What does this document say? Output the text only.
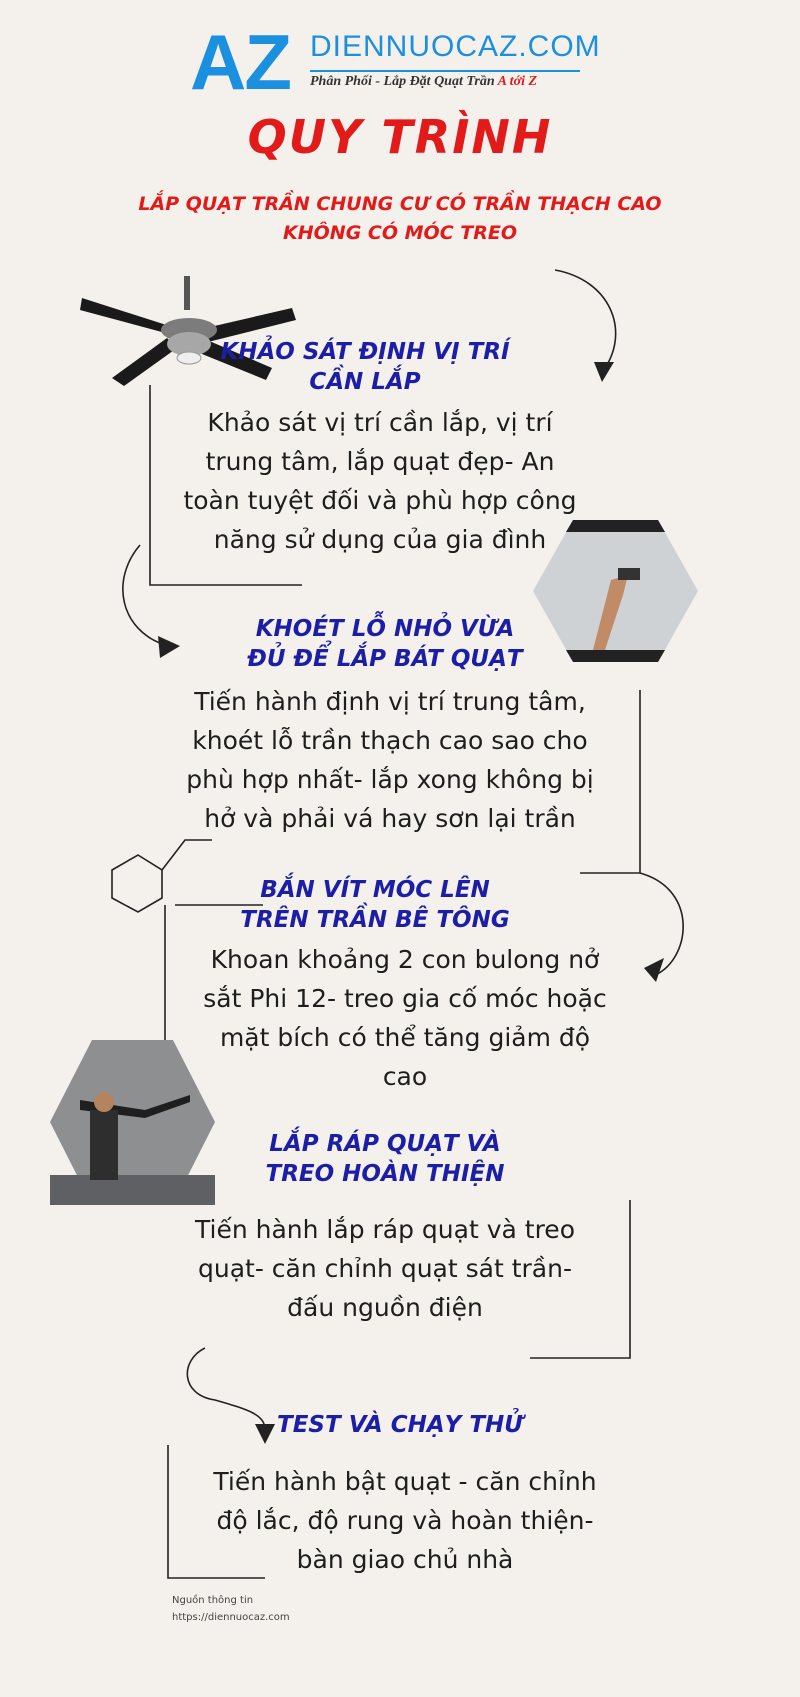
AZ DIENNUOCAZ.COM
Phân Phối - Lắp Đặt Quạt Trần A tới Z
QUY TRÌNH
LẮP QUẠT TRẦN CHUNG CƯ CÓ TRẦN THẠCH CAO
KHÔNG CÓ MÓC TREO
KHẢO SÁT ĐỊNH VỊ TRÍ
CẦN LẮP
Khảo sát vị trí cần lắp, vị trí
trung tâm, lắp quạt đẹp- An
toàn tuyệt đối và phù hợp công
năng sử dụng của gia đình
KHOÉT LỖ NHỎ VỪA
ĐỦ ĐỂ LẮP BÁT QUẠT
Tiến hành định vị trí trung tâm,
khoét lỗ trần thạch cao sao cho
phù hợp nhất- lắp xong không bị
hở và phải vá hay sơn lại trần
BẮN VÍT MÓC LÊN
TRÊN TRẦN BÊ TÔNG
Khoan khoảng 2 con bulong nở
sắt Phi 12- treo gia cố móc hoặc
mặt bích có thể tăng giảm độ
cao
LẮP RÁP QUẠT VÀ
TREO HOÀN THIỆN
Tiến hành lắp ráp quạt và treo
quạt- căn chỉnh quạt sát trần-
đấu nguồn điện
TEST VÀ CHẠY THỬ
Tiến hành bật quạt - căn chỉnh
độ lắc, độ rung và hoàn thiện-
bàn giao chủ nhà
Nguồn thông tin
https://diennuocaz.com
